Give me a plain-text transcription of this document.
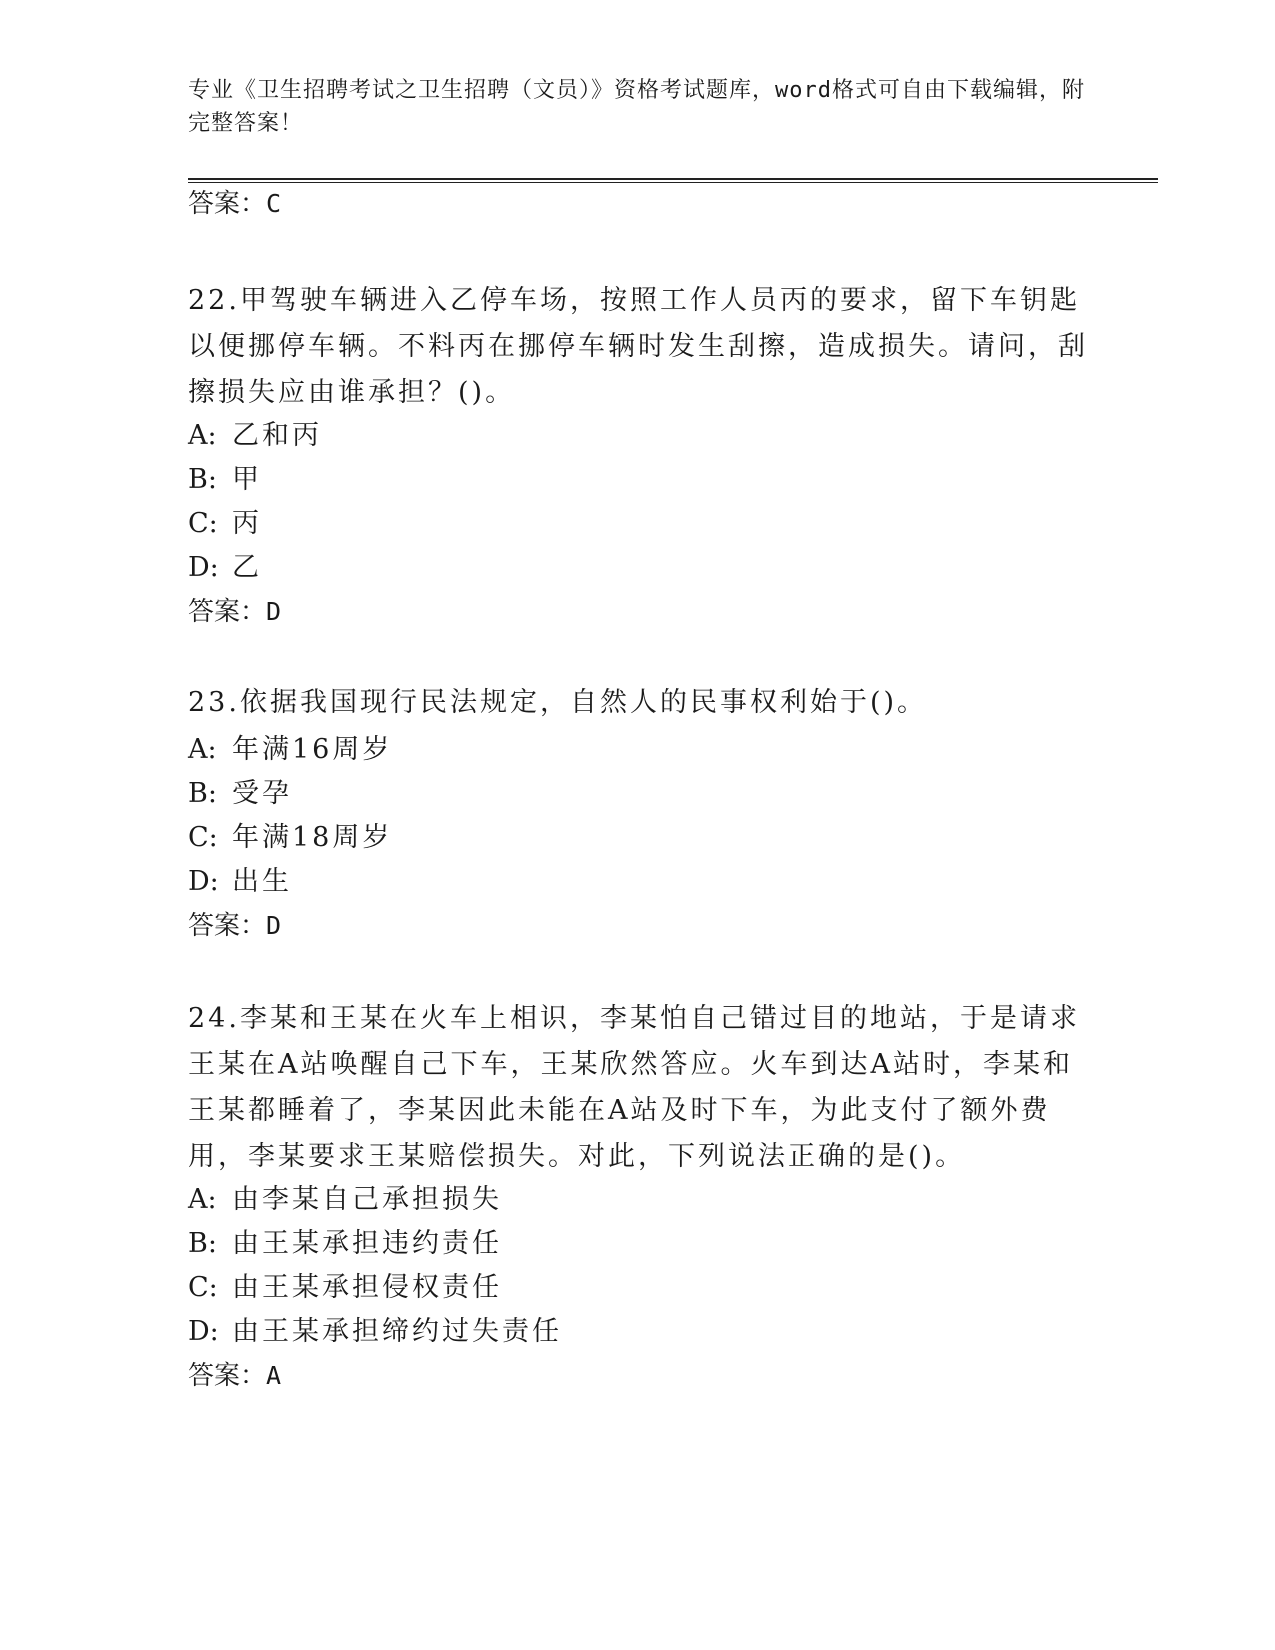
专业《卫生招聘考试之卫生招聘（文员）》资格考试题库，word格式可自由下载编辑，附完整答案！
答案：C
22.甲驾驶车辆进入乙停车场，按照工作人员丙的要求，留下车钥匙以便挪停车辆。不料丙在挪停车辆时发生刮擦，造成损失。请问，刮擦损失应由谁承担？()。
A: 乙和丙
B: 甲
C: 丙
D: 乙
答案：D
23.依据我国现行民法规定，自然人的民事权利始于()。
A: 年满16周岁
B: 受孕
C: 年满18周岁
D: 出生
答案：D
24.李某和王某在火车上相识，李某怕自己错过目的地站，于是请求王某在A站唤醒自己下车，王某欣然答应。火车到达A站时，李某和王某都睡着了，李某因此未能在A站及时下车，为此支付了额外费用，李某要求王某赔偿损失。对此，下列说法正确的是()。
A: 由李某自己承担损失
B: 由王某承担违约责任
C: 由王某承担侵权责任
D: 由王某承担缔约过失责任
答案：A
